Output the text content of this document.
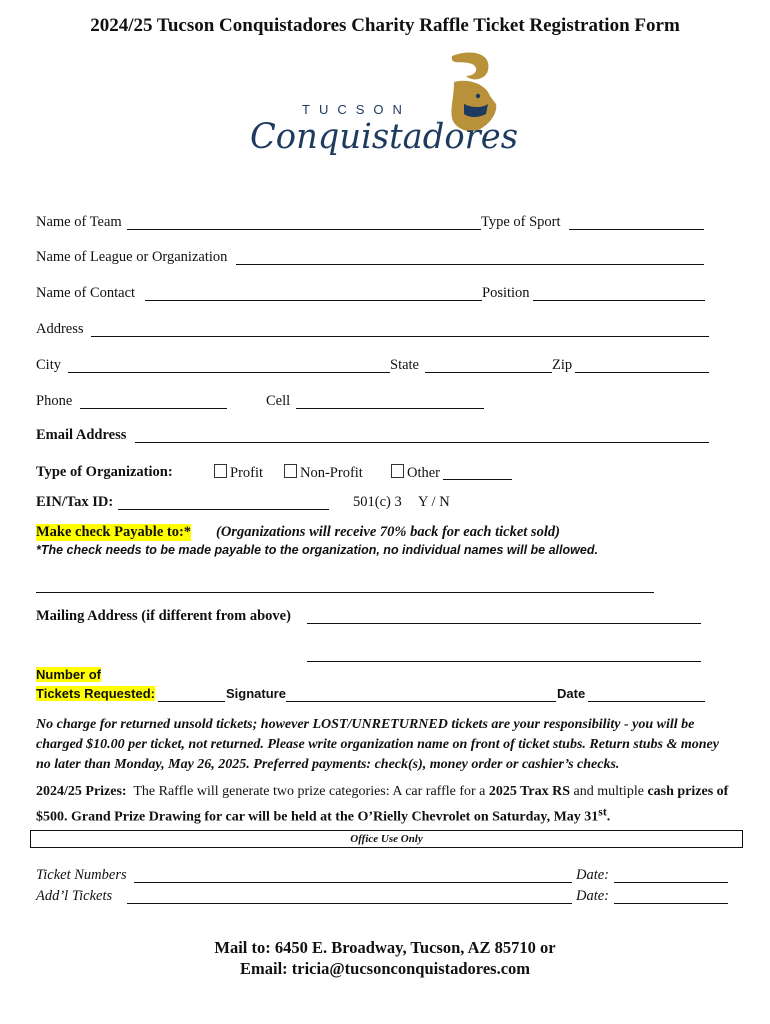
2024/25 Tucson Conquistadores Charity Raffle Ticket Registration Form
TUCSON
Conquistadores
Name of Team	Type of Sport
Name of League or Organization
Name of Contact	Position
Address
City	State	Zip
Phone	Cell
Email Address
Type of Organization:	Profit	Non-Profit	Other
EIN/Tax ID:	501(c) 3 Y / N
Make check Payable to:* (Organizations will receive 70% back for each ticket sold)
*The check needs to be made payable to the organization, no individual names will be allowed.
Mailing Address (if different from above)
Number of
Tickets Requested:	Signature	Date
No charge for returned unsold tickets; however LOST/UNRETURNED tickets are your responsibility - you will be charged $10.00 per ticket, not returned. Please write organization name on front of ticket stubs. Return stubs & money no later than Monday, May 26, 2025. Preferred payments: check(s), money order or cashier’s checks.
2024/25 Prizes: The Raffle will generate two prize categories: A car raffle for a 2025 Trax RS and multiple cash prizes of $500. Grand Prize Drawing for car will be held at the O’Rielly Chevrolet on Saturday, May 31st.
Office Use Only
Ticket Numbers	Date:
Add’l Tickets	Date:
Mail to: 6450 E. Broadway, Tucson, AZ 85710 or
Email: tricia@tucsonconquistadores.com
